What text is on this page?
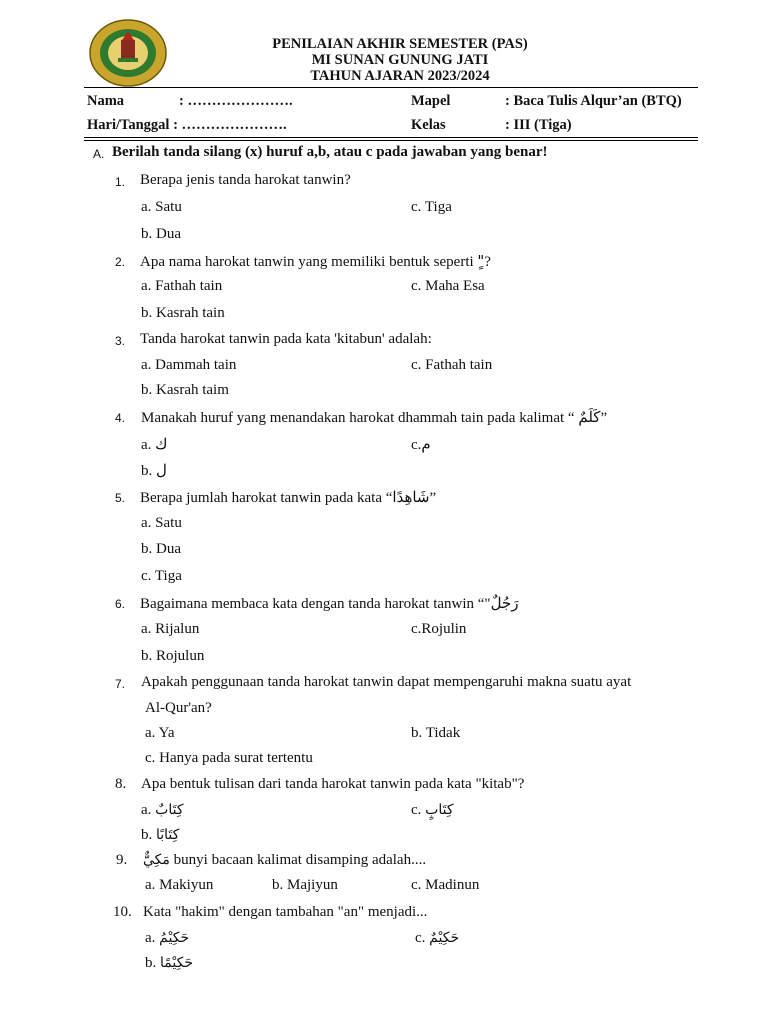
PENILAIAN AKHIR SEMESTER (PAS)
MI SUNAN GUNUNG JATI
TAHUN AJARAN 2023/2024
Nama	: ………………….	Mapel	: Baca Tulis Alqur’an (BTQ)
Hari/Tanggal : ………………….	Kelas	: III (Tiga)
A. Berilah tanda silang (x) huruf a,b, atau c pada jawaban yang benar!
1. Berapa jenis tanda harokat tanwin?
a. Satu	c. Tiga
b. Dua
2. Apa nama harokat tanwin yang memiliki bentuk seperti "ٍ?
a. Fathah tain	c. Maha Esa
b. Kasrah tain
3. Tanda harokat tanwin pada kata 'kitabun' adalah:
a. Dammah tain	c. Fathah tain
b. Kasrah taim
4. Manakah huruf yang menandakan harokat dhammah tain pada kalimat “ كَلَمٌ”
a. ك	c.م
b. ل
5. Berapa jumlah harokat tanwin pada kata “شَاهِدًا”
a. Satu
b. Dua
c. Tiga
6. Bagaimana membaca kata dengan tanda harokat tanwin “"رَجُلٌ
a. Rijalun	c.Rojulin
b. Rojulun
7. Apakah penggunaan tanda harokat tanwin dapat mempengaruhi makna suatu ayat
Al-Qur'an?
a. Ya	b. Tidak
c. Hanya pada surat tertentu
8. Apa bentuk tulisan dari tanda harokat tanwin pada kata "kitab"?
a. كِتَابٌ	c. كِتَابٍ
b. كِتَابًا
9. مَكِيٌّ bunyi bacaan kalimat disamping adalah....
a. Makiyun	b. Majiyun	c. Madinun
10. Kata "hakim" dengan tambahan "an" menjadi...
a. حَكِيْمُ	c. حَكِيْمٌ
b. حَكِيْمًا
